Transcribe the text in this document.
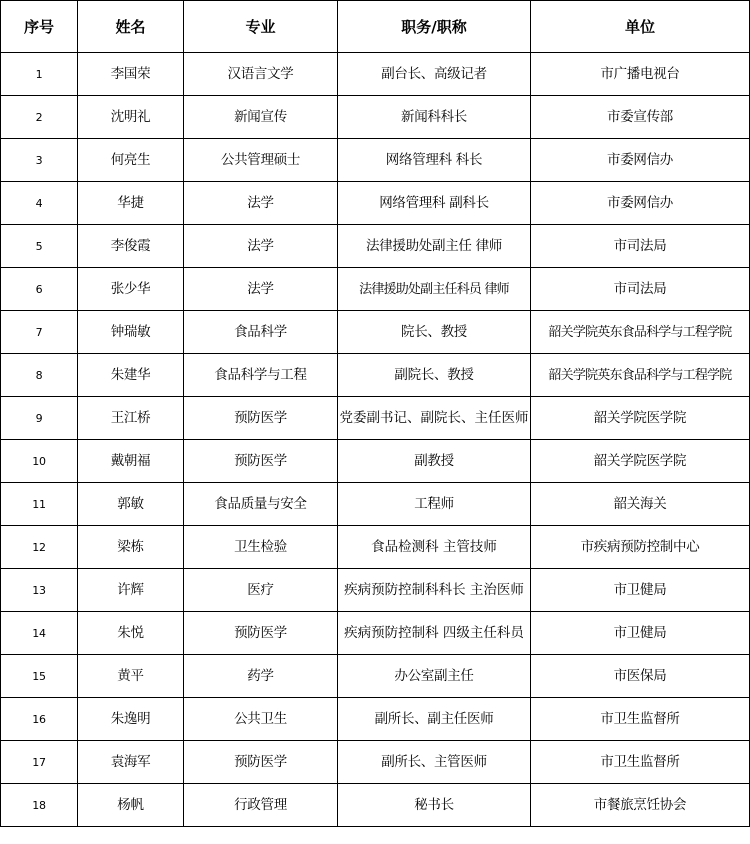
序号	姓名	专业	职务/职称	单位
1	李国荣	汉语言文学	副台长、高级记者	市广播电视台
2	沈明礼	新闻宣传	新闻科科长	市委宣传部
3	何亮生	公共管理硕士	网络管理科 科长	市委网信办
4	华捷	法学	网络管理科 副科长	市委网信办
5	李俊霞	法学	法律援助处副主任 律师	市司法局
6	张少华	法学	法律援助处副主任科员 律师	市司法局
7	钟瑞敏	食品科学	院长、教授	韶关学院英东食品科学与工程学院
8	朱建华	食品科学与工程	副院长、教授	韶关学院英东食品科学与工程学院
9	王江桥	预防医学	党委副书记、副院长、主任医师	韶关学院医学院
10	戴朝福	预防医学	副教授	韶关学院医学院
11	郭敏	食品质量与安全	工程师	韶关海关
12	梁栋	卫生检验	食品检测科 主管技师	市疾病预防控制中心
13	许辉	医疗	疾病预防控制科科长 主治医师	市卫健局
14	朱悦	预防医学	疾病预防控制科 四级主任科员	市卫健局
15	黄平	药学	办公室副主任	市医保局
16	朱逸明	公共卫生	副所长、副主任医师	市卫生监督所
17	袁海军	预防医学	副所长、主管医师	市卫生监督所
18	杨帆	行政管理	秘书长	市餐旅烹饪协会
